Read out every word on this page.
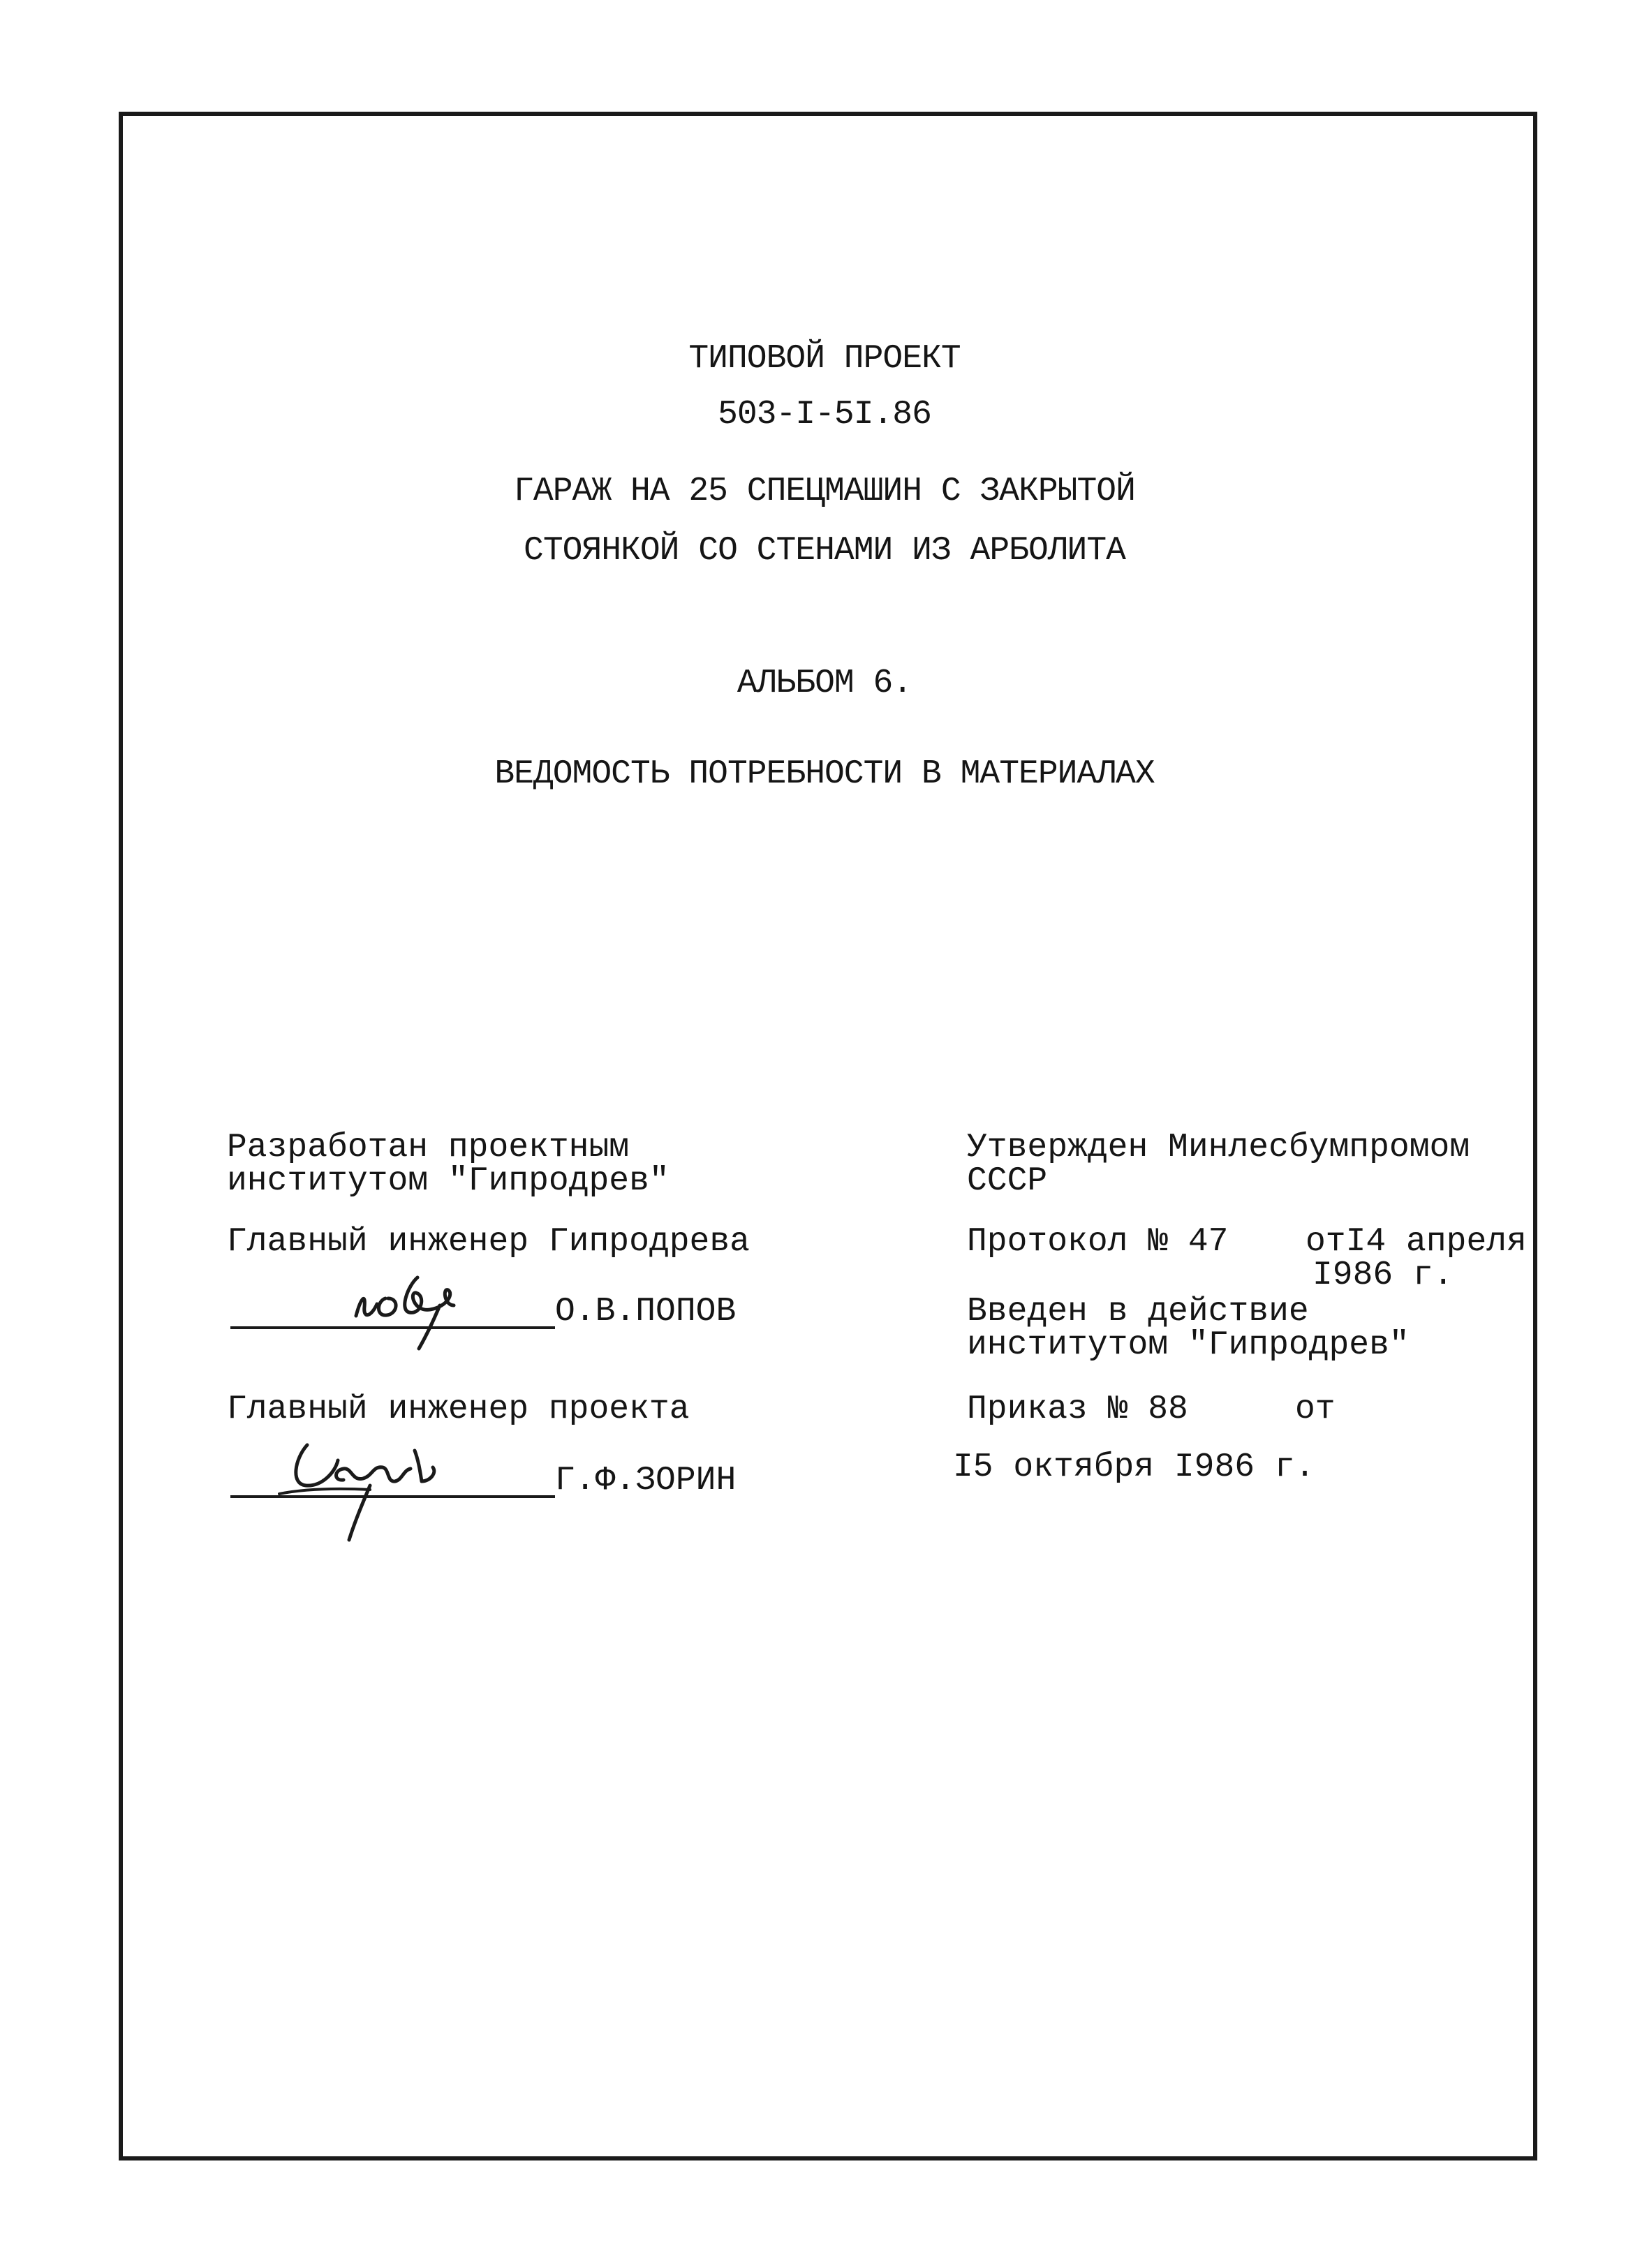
ТИПОВОЙ ПРОЕКТ
503-I-5I.86
ГАРАЖ НА 25 СПЕЦМАШИН С ЗАКРЫТОЙ
СТОЯНКОЙ СО СТЕНАМИ ИЗ АРБОЛИТА
АЛЬБОМ 6.
ВЕДОМОСТЬ ПОТРЕБНОСТИ В МАТЕРИАЛАХ
Разработан проектным
институтом "Гипродрев"
Главный инженер Гипродрева
О.В.ПОПОВ
Главный инженер проекта
Г.Ф.ЗОРИН
Утвержден Минлесбумпромом
СССР
Протокол № 47 отI4 апреля
I986 г.
Введен в действие
институтом "Гипродрев"
Приказ № 88	от
I5 октября I986 г.
